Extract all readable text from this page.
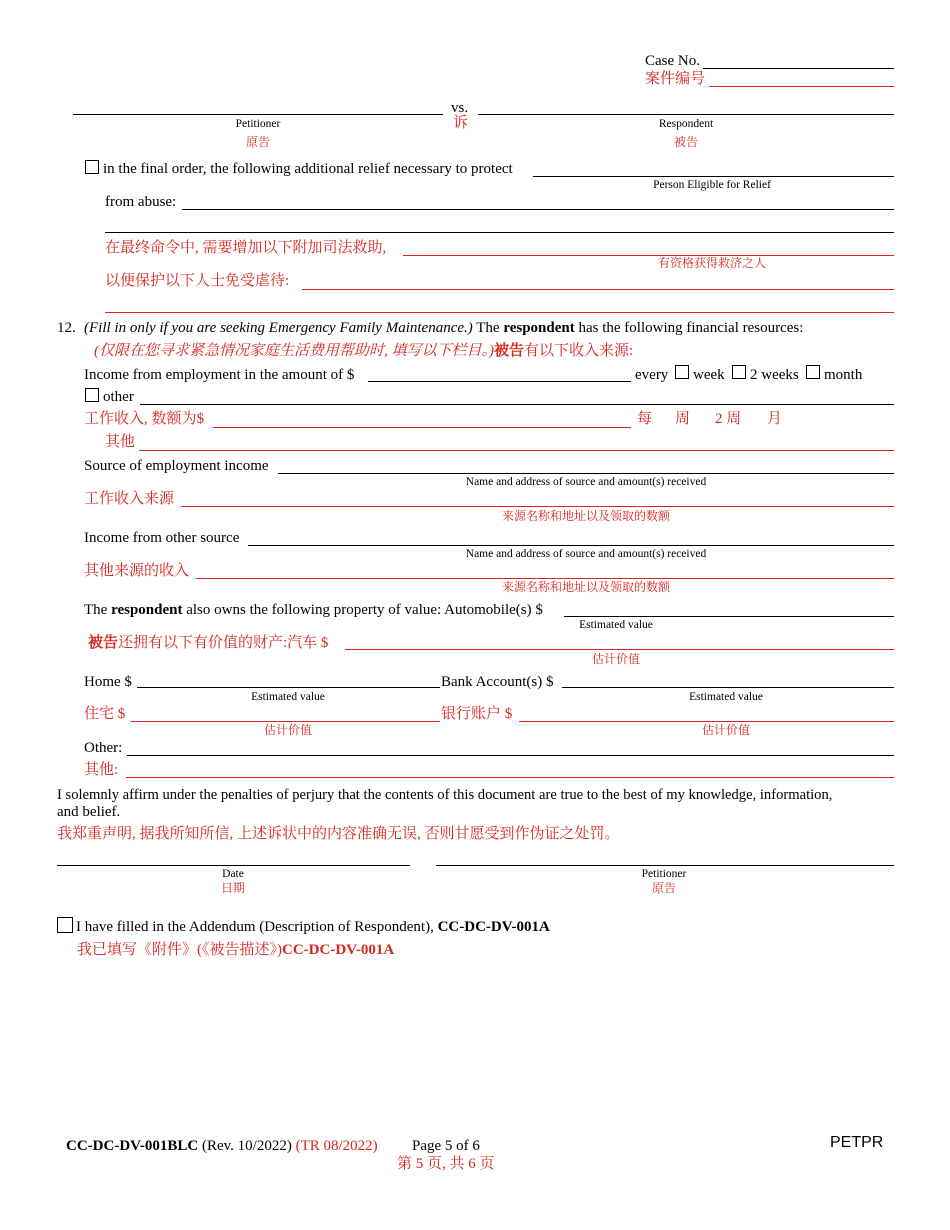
Case No.
案件编号
vs.
诉
Petitioner
原告
Respondent
被告
in the final order, the following additional relief necessary to protect
Person Eligible for Relief
from abuse:
在最终命令中, 需要增加以下附加司法救助,
有资格获得救济之人
以便保护以下人士免受虐待:
12. (Fill in only if you are seeking Emergency Family Maintenance.) The respondent has the following financial resources:
(仅限在您寻求紧急情况家庭生活费用帮助时, 填写以下栏目。)被告有以下收入来源:
Income from employment in the amount of $	every week 2 weeks month
other
工作收入, 数额为$	每 周 2 周 月
其他
Source of employment income
Name and address of source and amount(s) received
工作收入来源
来源名称和地址以及领取的数额
Income from other source
Name and address of source and amount(s) received
其他来源的收入
来源名称和地址以及领取的数额
The respondent also owns the following property of value: Automobile(s) $
Estimated value
被告还拥有以下有价值的财产:汽车 $
估计价值
Home $	Bank Account(s) $
Estimated value	Estimated value
住宅 $	银行账户 $
估计价值	估计价值
Other:
其他:
I solemnly affirm under the penalties of perjury that the contents of this document are true to the best of my knowledge, information,
and belief.
我郑重声明, 据我所知所信, 上述诉状中的内容准确无误, 否则甘愿受到作伪证之处罚。
Date
日期
Petitioner
原告
I have filled in the Addendum (Description of Respondent), CC-DC-DV-001A
我已填写《附件》(《被告描述》)CC-DC-DV-001A
CC-DC-DV-001BLC (Rev. 10/2022) (TR 08/2022) Page 5 of 6
第 5 页, 共 6 页
PETPR
